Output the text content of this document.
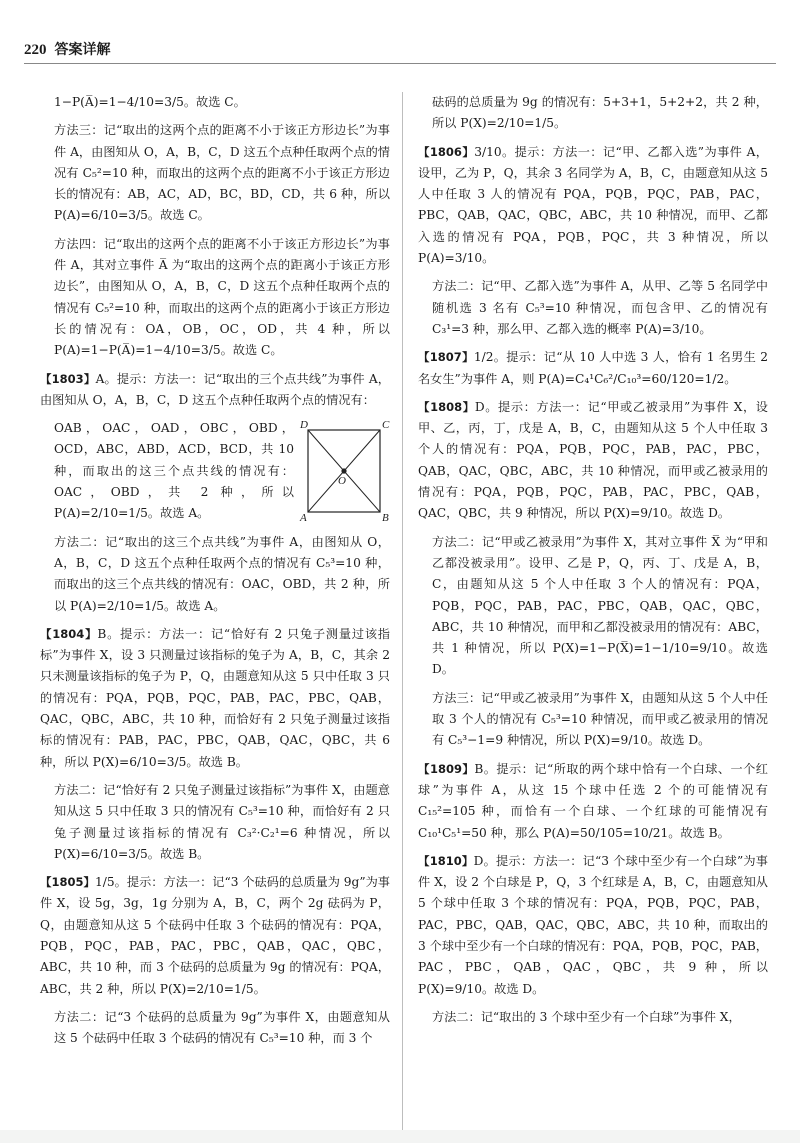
220 答案详解

1−P(A̅)=1−4/10=3/5。故选 C。

方法三：记“取出的这两个点的距离不小于该正方形边长”为事件 A，由图知从 O，A，B，C，D 这五个点种任取两个点的情况有 C₅²=10 种，而取出的这两个点的距离不小于该正方形边长的情况有：AB，AC，AD，BC，BD，CD，共 6 种，所以 P(A)=6/10=3/5。故选 C。

方法四：记“取出的这两个点的距离不小于该正方形边长”为事件 A，其对立事件 A̅ 为“取出的这两个点的距离小于该正方形边长”，由图知从 O，A，B，C，D 这五个点种任取两个点的情况有 C₅²=10 种，而取出的这两个点的距离小于该正方形边长的情况有：OA，OB，OC，OD，共 4 种，所以 P(A)=1−P(A̅)=1−4/10=3/5。故选 C。

【1803】A。提示：方法一：记“取出的三个点共线”为事件 A，由图知从 O，A，B，C，D 这五个点种任取两个点的情况有：

OAB，OAC，OAD，OBC，OBD，OCD，ABC，ABD，ACD，BCD，共 10 种，而取出的这三个点共线的情况有：OAC，OBD，共 2 种，所以 P(A)=2/10=1/5。故选 A。

D	C
A	B
O

方法二：记“取出的这三个点共线”为事件 A，由图知从 O，A，B，C，D 这五个点种任取两个点的情况有 C₅³=10 种，而取出的这三个点共线的情况有：OAC，OBD，共 2 种，所以 P(A)=2/10=1/5。故选 A。

【1804】B。提示：方法一：记“恰好有 2 只兔子测量过该指标”为事件 X，设 3 只测量过该指标的兔子为 A，B，C，其余 2 只未测量该指标的兔子为 P，Q，由题意知从这 5 只中任取 3 只的情况有：PQA，PQB，PQC，PAB，PAC，PBC，QAB，QAC，QBC，ABC，共 10 种，而恰好有 2 只兔子测量过该指标的情况有：PAB，PAC，PBC，QAB，QAC，QBC，共 6 种，所以 P(X)=6/10=3/5。故选 B。

方法二：记“恰好有 2 只兔子测量过该指标”为事件 X，由题意知从这 5 只中任取 3 只的情况有 C₅³=10 种，而恰好有 2 只兔子测量过该指标的情况有 C₃²·C₂¹=6 种情况，所以 P(X)=6/10=3/5。故选 B。

【1805】1/5。提示：方法一：记“3 个砝码的总质量为 9g”为事件 X，设 5g，3g，1g 分别为 A，B，C，两个 2g 砝码为 P，Q，由题意知从这 5 个砝码中任取 3 个砝码的情况有：PQA，PQB，PQC，PAB，PAC，PBC，QAB，QAC，QBC，ABC，共 10 种，而 3 个砝码的总质量为 9g 的情况有：PQA，ABC，共 2 种，所以 P(X)=2/10=1/5。

方法二：记“3 个砝码的总质量为 9g”为事件 X，由题意知从这 5 个砝码中任取 3 个砝码的情况有 C₅³=10 种，而 3 个

砝码的总质量为 9g 的情况有：5+3+1，5+2+2，共 2 种，所以 P(X)=2/10=1/5。

【1806】3/10。提示：方法一：记“甲、乙都入选”为事件 A，设甲，乙为 P，Q，其余 3 名同学为 A，B，C，由题意知从这 5 人中任取 3 人的情况有 PQA，PQB，PQC，PAB，PAC，PBC，QAB，QAC，QBC，ABC，共 10 种情况，而甲、乙都入选的情况有 PQA，PQB，PQC，共 3 种情况，所以 P(A)=3/10。

方法二：记“甲、乙都入选”为事件 A，从甲、乙等 5 名同学中随机选 3 名有 C₅³=10 种情况，而包含甲、乙的情况有 C₃¹=3 种，那么甲、乙都入选的概率 P(A)=3/10。

【1807】1/2。提示：记“从 10 人中选 3 人，恰有 1 名男生 2 名女生”为事件 A，则 P(A)=C₄¹C₆²/C₁₀³=60/120=1/2。

【1808】D。提示：方法一：记“甲或乙被录用”为事件 X，设甲、乙，丙，丁，戊是 A，B，C，由题知从这 5 个人中任取 3 个人的情况有：PQA，PQB，PQC，PAB，PAC，PBC，QAB，QAC，QBC，ABC，共 10 种情况，而甲或乙被录用的情况有：PQA，PQB，PQC，PAB，PAC，PBC，QAB，QAC，QBC，共 9 种情况，所以 P(X)=9/10。故选 D。

方法二：记“甲或乙被录用”为事件 X，其对立事件 X̅ 为“甲和乙都没被录用”。设甲、乙是 P，Q，丙、丁、戊是 A，B，C，由题知从这 5 个人中任取 3 个人的情况有：PQA，PQB，PQC，PAB，PAC，PBC，QAB，QAC，QBC，ABC，共 10 种情况，而甲和乙都没被录用的情况有：ABC，共 1 种情况，所以 P(X)=1−P(X̅)=1−1/10=9/10。故选 D。

方法三：记“甲或乙被录用”为事件 X，由题知从这 5 个人中任取 3 个人的情况有 C₅³=10 种情况，而甲或乙被录用的情况有 C₅³−1=9 种情况，所以 P(X)=9/10。故选 D。

【1809】B。提示：记“所取的两个球中恰有一个白球、一个红球”为事件 A，从这 15 个球中任选 2 个的可能情况有 C₁₅²=105 种，而恰有一个白球、一个红球的可能情况有 C₁₀¹C₅¹=50 种，那么 P(A)=50/105=10/21。故选 B。

【1810】D。提示：方法一：记“3 个球中至少有一个白球”为事件 X，设 2 个白球是 P，Q，3 个红球是 A，B，C，由题意知从 5 个球中任取 3 个球的情况有：PQA，PQB，PQC，PAB，PAC，PBC，QAB，QAC，QBC，ABC，共 10 种，而取出的 3 个球中至少有一个白球的情况有：PQA，PQB，PQC，PAB，PAC，PBC，QAB，QAC，QBC，共 9 种，所以 P(X)=9/10。故选 D。

方法二：记“取出的 3 个球中至少有一个白球”为事件 X，
